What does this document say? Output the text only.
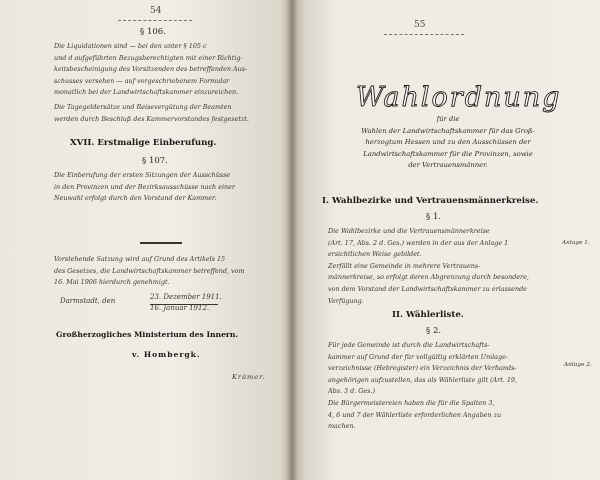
54
§ 106.
Die Liquidationen sind — bei den unter § 105 c
und d aufgeführten Bezugsberechtigten mit einer Richtig-
keitsbescheinigung des Vorsitzenden des betreffenden Aus-
schusses versehen — auf vorgeschriebenem Formular
monatlich bei der Landwirtschaftskammer einzureichen.
Die Tagegeldersätze und Reisevergütung der Beamten
werden durch Beschluß des Kammervorstandes festgesetzt.
XVII. Erstmalige Einberufung.
§ 107.
Die Einberufung der ersten Sitzungen der Ausschüsse
in den Provinzen und der Bezirksausschüsse nach einer
Neuwahl erfolgt durch den Vorstand der Kammer.
Vorstehende Satzung wird auf Grund des Artikels 15
des Gesetzes, die Landwirtschaftskammer betreffend, vom
16. Mai 1906 hierdurch genehmigt.
Darmstadt, den	23. Dezember 1911.
16. Januar 1912.
Großherzogliches Ministerium des Innern.
v. Hombergk.
Krämer.
55
Wahlordnung
für die
Wahlen der Landwirtschaftskammer für das Groß-
herzogtum Hessen und zu den Ausschüssen der
Landwirtschaftskammer für die Provinzen, sowie
der Vertrauensmänner.
I. Wahlbezirke und Vertrauensmännerkreise.
§ 1.
Die Wahlbezirke und die Vertrauensmännerkreise
(Art. 17, Abs. 2 d. Ges.) werden in der aus der Anlage 1
ersichtlichen Weise gebildet.
Zerfällt eine Gemeinde in mehrere Vertrauens-
männerkreise, so erfolgt deren Abgrenzung durch besondere,
von dem Vorstand der Landwirtschaftskammer zu erlassende
Verfügung.
Anlage 1.
II. Wählerliste.
§ 2.
Für jede Gemeinde ist durch die Landwirtschafts-
kammer auf Grund der für vollgültig erklärten Umlage-
verzeichnisse (Hebregister) ein Verzeichnis der Verbands-
angehörigen aufzustellen, das als Wählerliste gilt (Art. 19,
Abs. 3 d. Ges.)
Die Bürgermeistereien haben die für die Spalten 3,
4, 6 und 7 der Wählerliste erforderlichen Angaben zu
machen.
Anlage 2.
